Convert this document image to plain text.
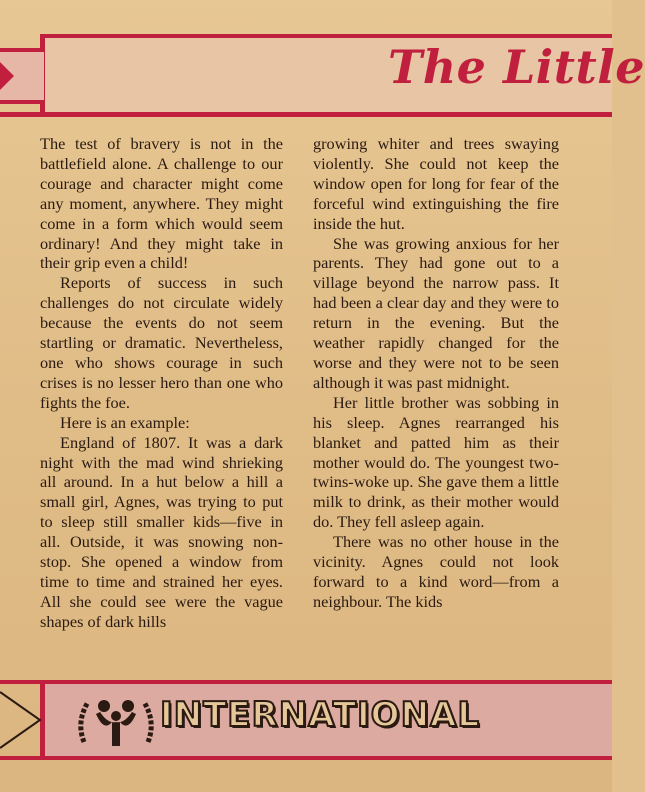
The Little

The test of bravery is not in the battlefield alone. A challenge to our courage and character might come any moment, anywhere. They might come in a form which would seem ordinary! And they might take in their grip even a child!

Reports of success in such challenges do not circulate widely because the events do not seem startling or dramatic. Nevertheless, one who shows courage in such crises is no lesser hero than one who fights the foe.

Here is an example:

England of 1807. It was a dark night with the mad wind shrieking all around. In a hut below a hill a small girl, Agnes, was trying to put to sleep still smaller kids—five in all. Outside, it was snowing non-stop. She opened a window from time to time and strained her eyes. All she could see were the vague shapes of dark hills

growing whiter and trees swaying violently. She could not keep the window open for long for fear of the forceful wind extinguishing the fire inside the hut.

She was growing anxious for her parents. They had gone out to a village beyond the narrow pass. It had been a clear day and they were to return in the evening. But the weather rapidly changed for the worse and they were not to be seen although it was past midnight.

Her little brother was sobbing in his sleep. Agnes rearranged his blanket and patted him as their mother would do. The youngest two-twins-woke up. She gave them a little milk to drink, as their mother would do. They fell asleep again.

There was no other house in the vicinity. Agnes could not look forward to a kind word—from a neighbour. The kids

INTERNATIONAL
